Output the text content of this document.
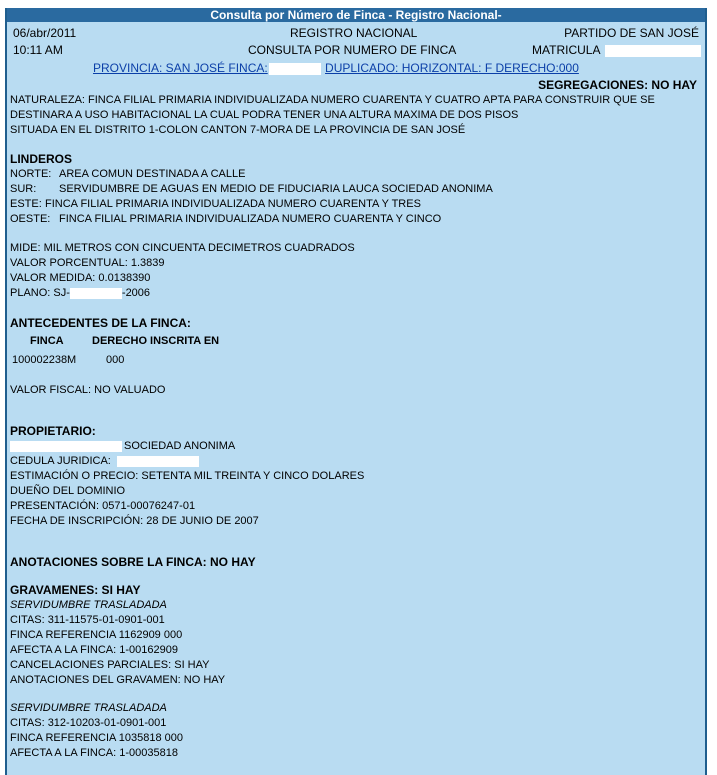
Consulta por Número de Finca - Registro Nacional-
06/abr/2011	REGISTRO NACIONAL	PARTIDO DE SAN JOSÉ
10:11 AM	CONSULTA POR NUMERO DE FINCA	MATRICULA
PROVINCIA: SAN JOSÉ FINCA:	DUPLICADO: HORIZONTAL: F DERECHO:000
SEGREGACIONES: NO HAY
NATURALEZA: FINCA FILIAL PRIMARIA INDIVIDUALIZADA NUMERO CUARENTA Y CUATRO APTA PARA CONSTRUIR QUE SE
DESTINARA A USO HABITACIONAL LA CUAL PODRA TENER UNA ALTURA MAXIMA DE DOS PISOS
SITUADA EN EL DISTRITO 1-COLON CANTON 7-MORA DE LA PROVINCIA DE SAN JOSÉ
LINDEROS
NORTE: AREA COMUN DESTINADA A CALLE
SUR: SERVIDUMBRE DE AGUAS EN MEDIO DE FIDUCIARIA LAUCA SOCIEDAD ANONIMA
ESTE: FINCA FILIAL PRIMARIA INDIVIDUALIZADA NUMERO CUARENTA Y TRES
OESTE: FINCA FILIAL PRIMARIA INDIVIDUALIZADA NUMERO CUARENTA Y CINCO
MIDE: MIL METROS CON CINCUENTA DECIMETROS CUADRADOS
VALOR PORCENTUAL: 1.3839
VALOR MEDIDA: 0.0138390
PLANO: SJ-	-2006
ANTECEDENTES DE LA FINCA:
FINCA	DERECHO INSCRITA EN
100002238M	000
VALOR FISCAL: NO VALUADO
PROPIETARIO:
SOCIEDAD ANONIMA
CEDULA JURIDICA:
ESTIMACIÓN O PRECIO: SETENTA MIL TREINTA Y CINCO DOLARES
DUEÑO DEL DOMINIO
PRESENTACIÓN: 0571-00076247-01
FECHA DE INSCRIPCIÓN: 28 DE JUNIO DE 2007
ANOTACIONES SOBRE LA FINCA: NO HAY
GRAVAMENES: SI HAY
SERVIDUMBRE TRASLADADA
CITAS: 311-11575-01-0901-001
FINCA REFERENCIA 1162909 000
AFECTA A LA FINCA: 1-00162909
CANCELACIONES PARCIALES: SI HAY
ANOTACIONES DEL GRAVAMEN: NO HAY
SERVIDUMBRE TRASLADADA
CITAS: 312-10203-01-0901-001
FINCA REFERENCIA 1035818 000
AFECTA A LA FINCA: 1-00035818
